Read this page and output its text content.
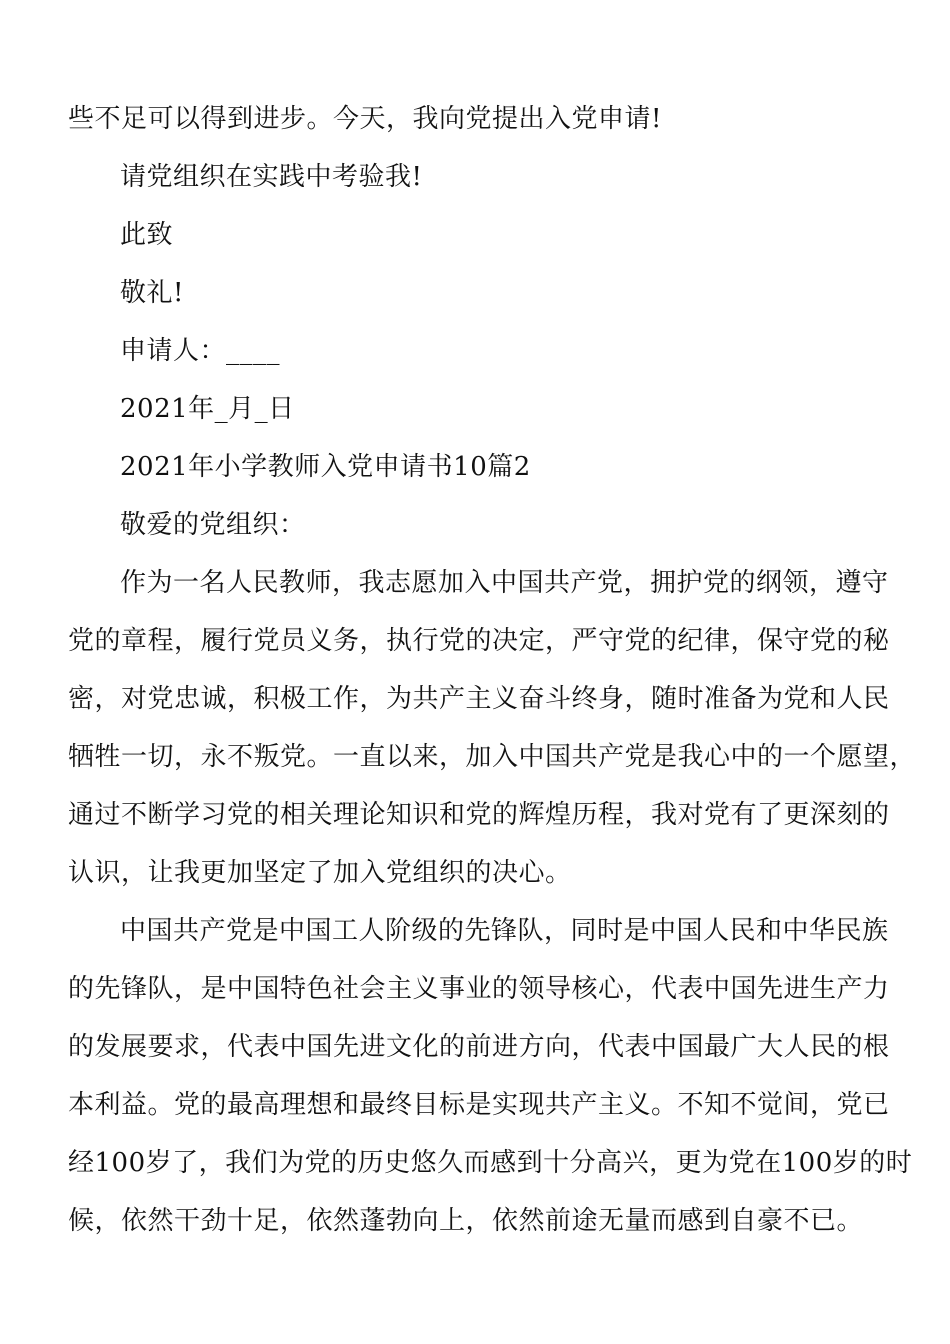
些不足可以得到进步。今天，我向党提出入党申请!
请党组织在实践中考验我!
此致
敬礼!
申请人：____
2021年_月_日
2021年小学教师入党申请书10篇2
敬爱的党组织：
作为一名人民教师，我志愿加入中国共产党，拥护党的纲领，遵守
党的章程，履行党员义务，执行党的决定，严守党的纪律，保守党的秘
密，对党忠诚，积极工作，为共产主义奋斗终身，随时准备为党和人民
牺牲一切，永不叛党。一直以来，加入中国共产党是我心中的一个愿望，
通过不断学习党的相关理论知识和党的辉煌历程，我对党有了更深刻的
认识，让我更加坚定了加入党组织的决心。
中国共产党是中国工人阶级的先锋队，同时是中国人民和中华民族
的先锋队，是中国特色社会主义事业的领导核心，代表中国先进生产力
的发展要求，代表中国先进文化的前进方向，代表中国最广大人民的根
本利益。党的最高理想和最终目标是实现共产主义。不知不觉间，党已
经100岁了，我们为党的历史悠久而感到十分高兴，更为党在100岁的时
候，依然干劲十足，依然蓬勃向上，依然前途无量而感到自豪不已。
